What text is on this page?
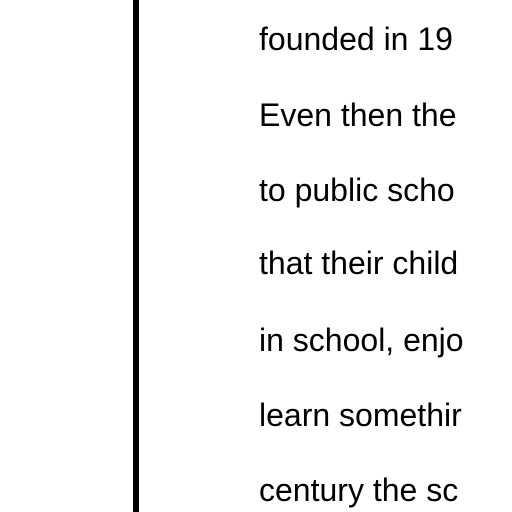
founded in 19
Even then the
to public scho
that their child
in school, enjo
learn somethir
century the sc
